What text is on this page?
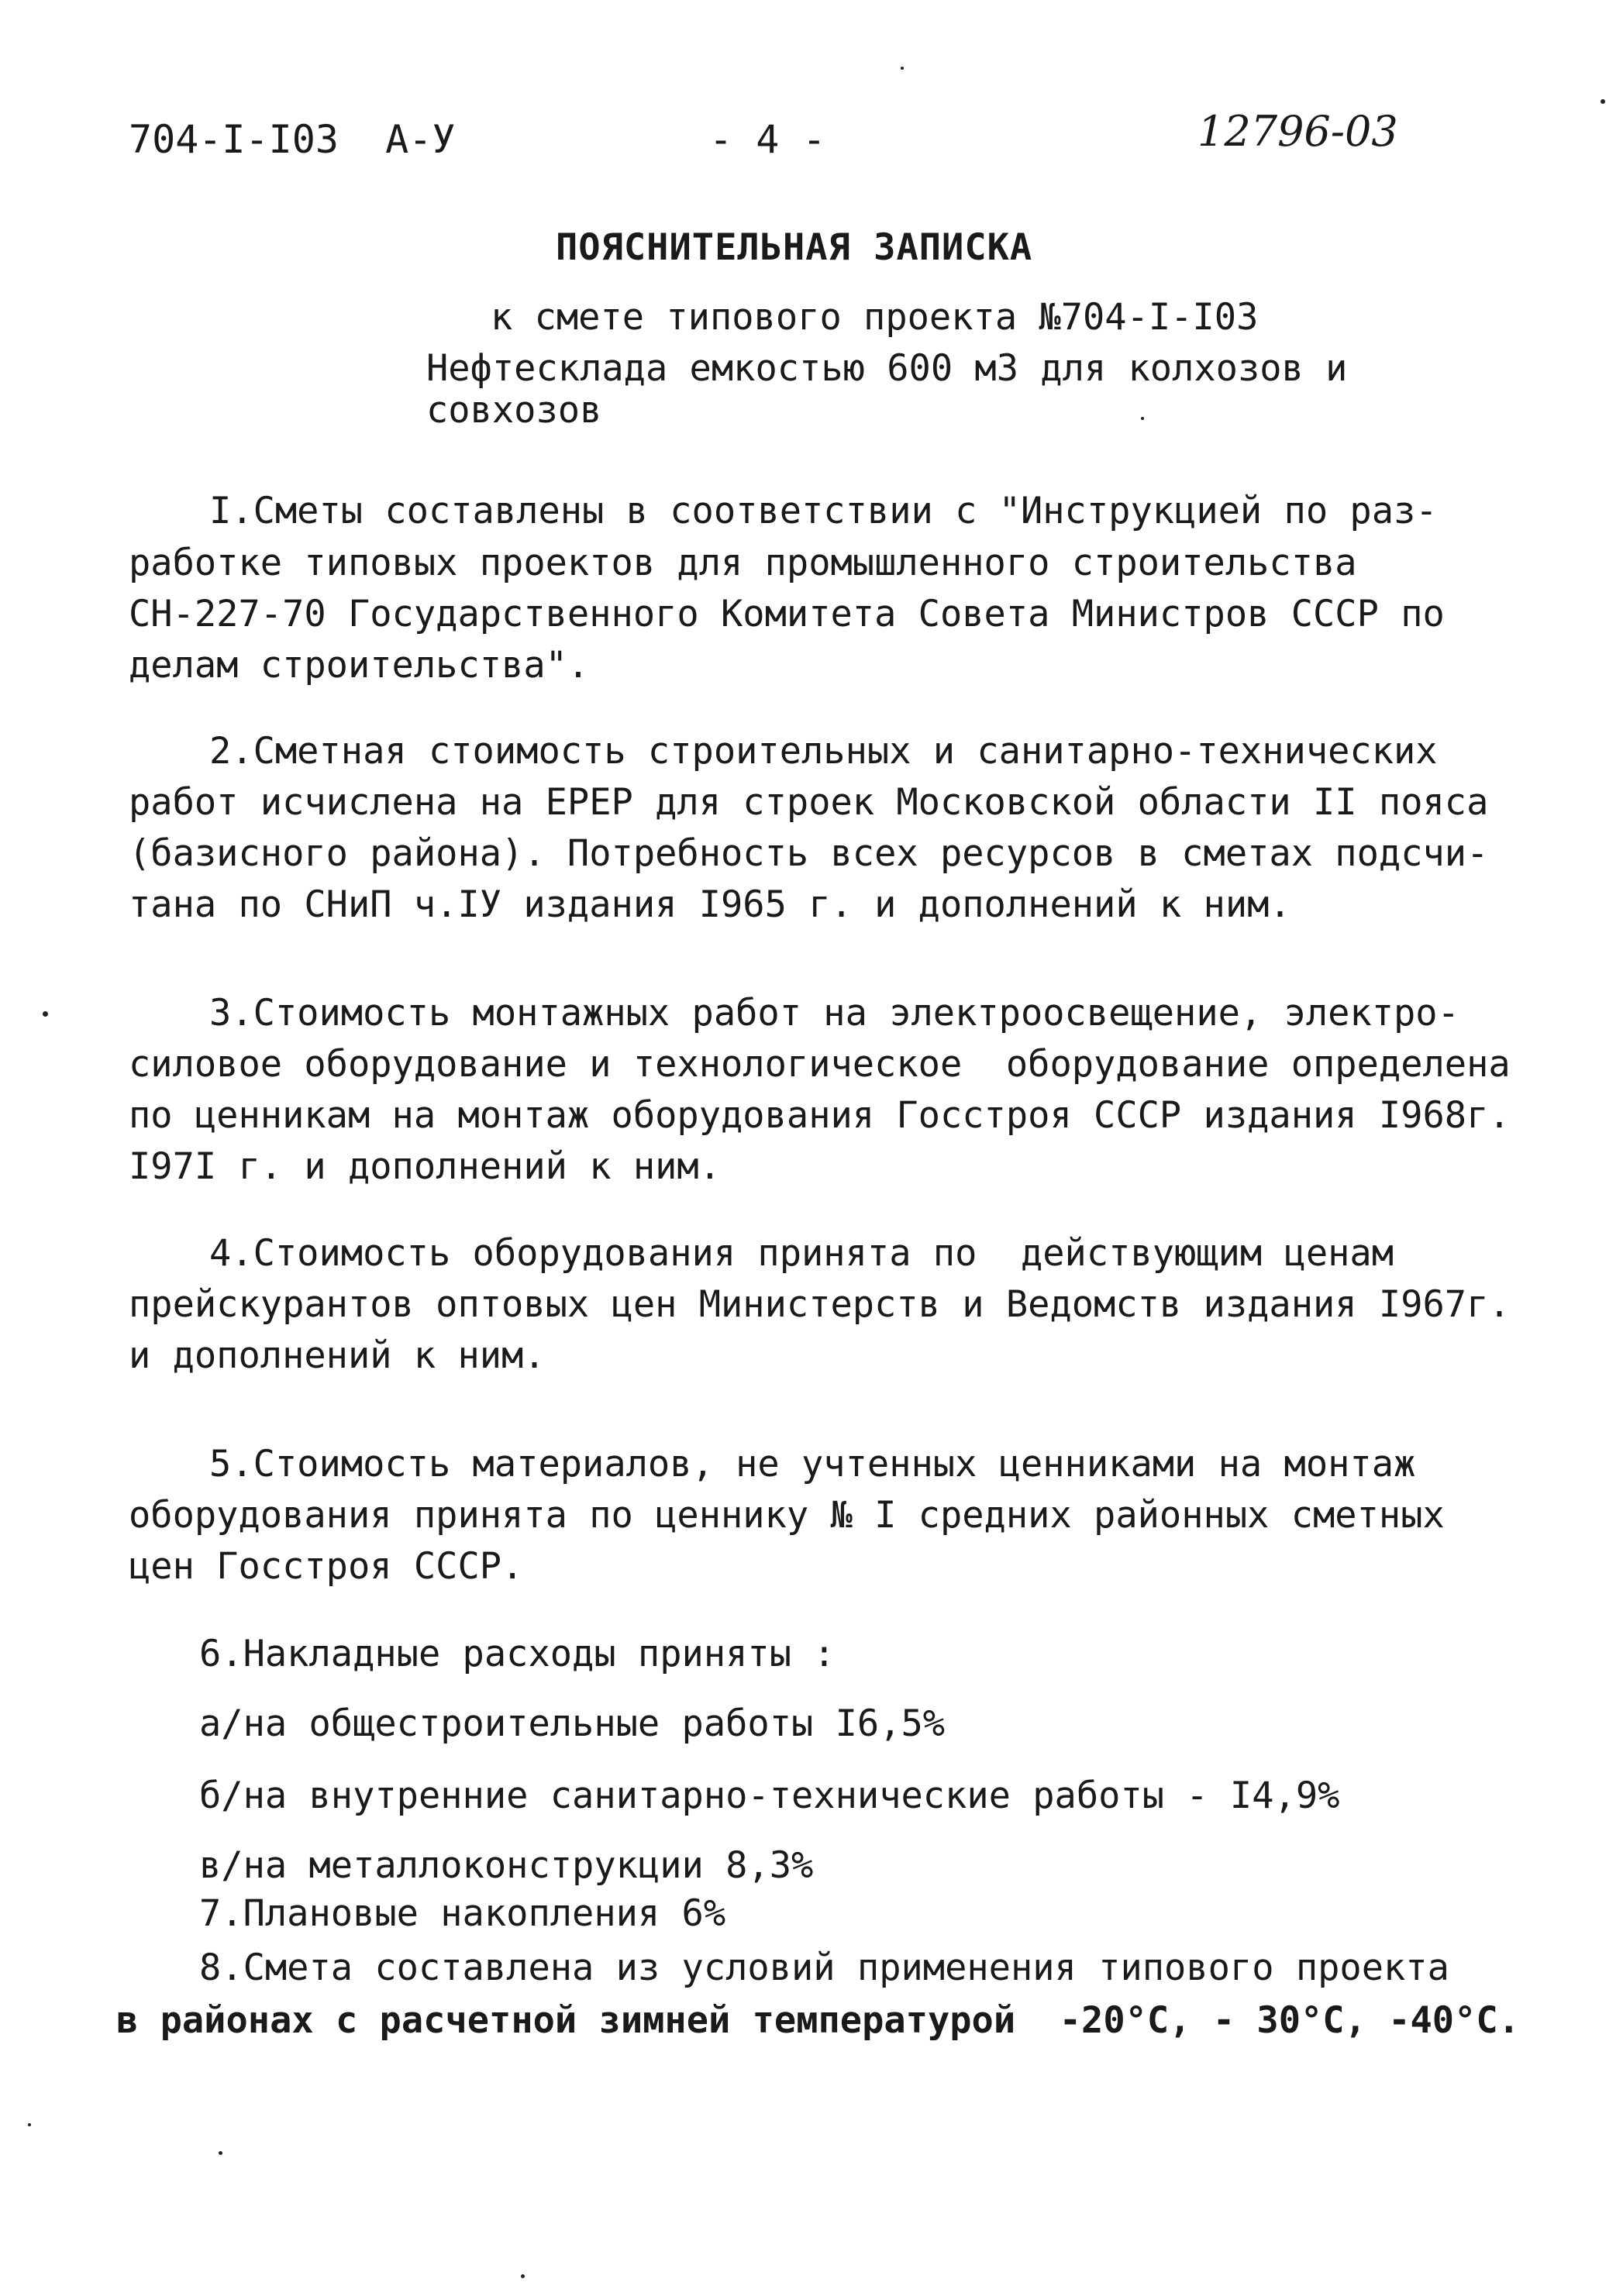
704-I-I03  А-У	- 4 -	12796-03
ПОЯСНИТЕЛЬНАЯ ЗАПИСКА
к смете типового проекта №704-I-I03
Нефтесклада емкостью 600 м3 для колхозов и
совхозов
I.Сметы составлены в соответствии с "Инструкцией по раз-
работке типовых проектов для промышленного строительства
СН-227-70 Государственного Комитета Совета Министров СССР по
делам строительства".
2.Сметная стоимость строительных и санитарно-технических
работ исчислена на ЕРЕР для строек Московской области II пояса
(базисного района). Потребность всех ресурсов в сметах подсчи-
тана по СНиП ч.IУ издания I965 г. и дополнений к ним.
3.Стоимость монтажных работ на электроосвещение, электро-
силовое оборудование и технологическое  оборудование определена
по ценникам на монтаж оборудования Госстроя СССР издания I968г.
I97I г. и дополнений к ним.
4.Стоимость оборудования принята по  действующим ценам
прейскурантов оптовых цен Министерств и Ведомств издания I967г.
и дополнений к ним.
5.Стоимость материалов, не учтенных ценниками на монтаж
оборудования принята по ценнику № I средних районных сметных
цен Госстроя СССР.
6.Накладные расходы приняты :
а/на общестроительные работы I6,5%
б/на внутренние санитарно-технические работы - I4,9%
в/на металлоконструкции 8,3%
7.Плановые накопления 6%
8.Смета составлена из условий применения типового проекта
в районах с расчетной зимней температурой  -20°C, - 30°C, -40°C.
